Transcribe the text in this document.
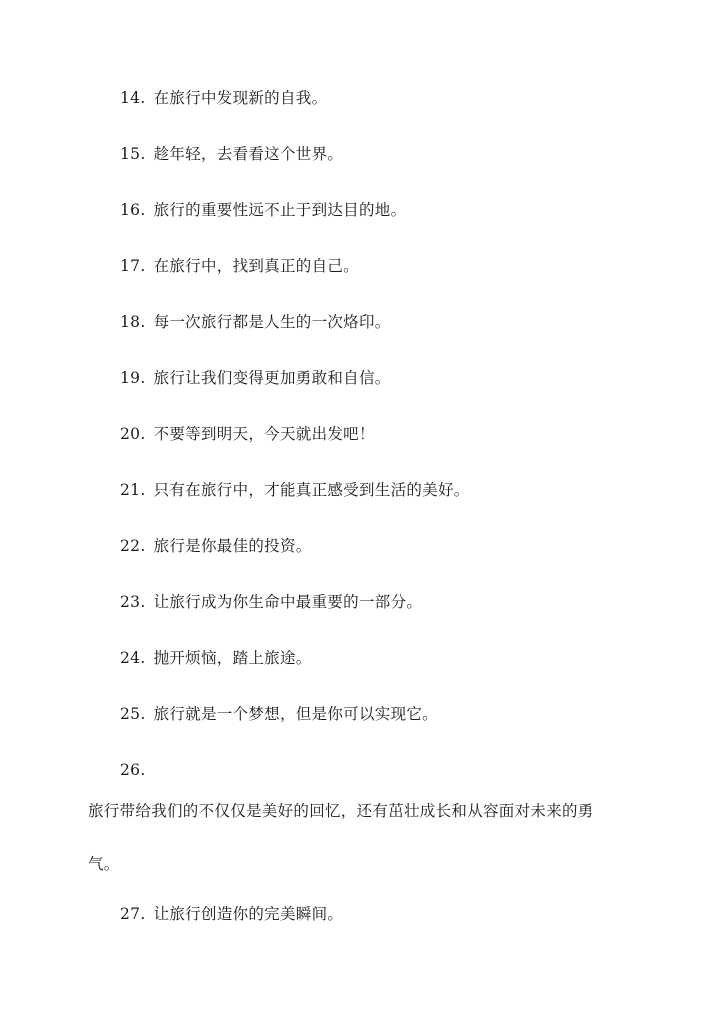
14. 在旅行中发现新的自我。
15. 趁年轻，去看看这个世界。
16. 旅行的重要性远不止于到达目的地。
17. 在旅行中，找到真正的自己。
18. 每一次旅行都是人生的一次烙印。
19. 旅行让我们变得更加勇敢和自信。
20. 不要等到明天，今天就出发吧！
21. 只有在旅行中，才能真正感受到生活的美好。
22. 旅行是你最佳的投资。
23. 让旅行成为你生命中最重要的一部分。
24. 抛开烦恼，踏上旅途。
25. 旅行就是一个梦想，但是你可以实现它。
26.
旅行带给我们的不仅仅是美好的回忆，还有茁壮成长和从容面对未来的勇
气。
27. 让旅行创造你的完美瞬间。
